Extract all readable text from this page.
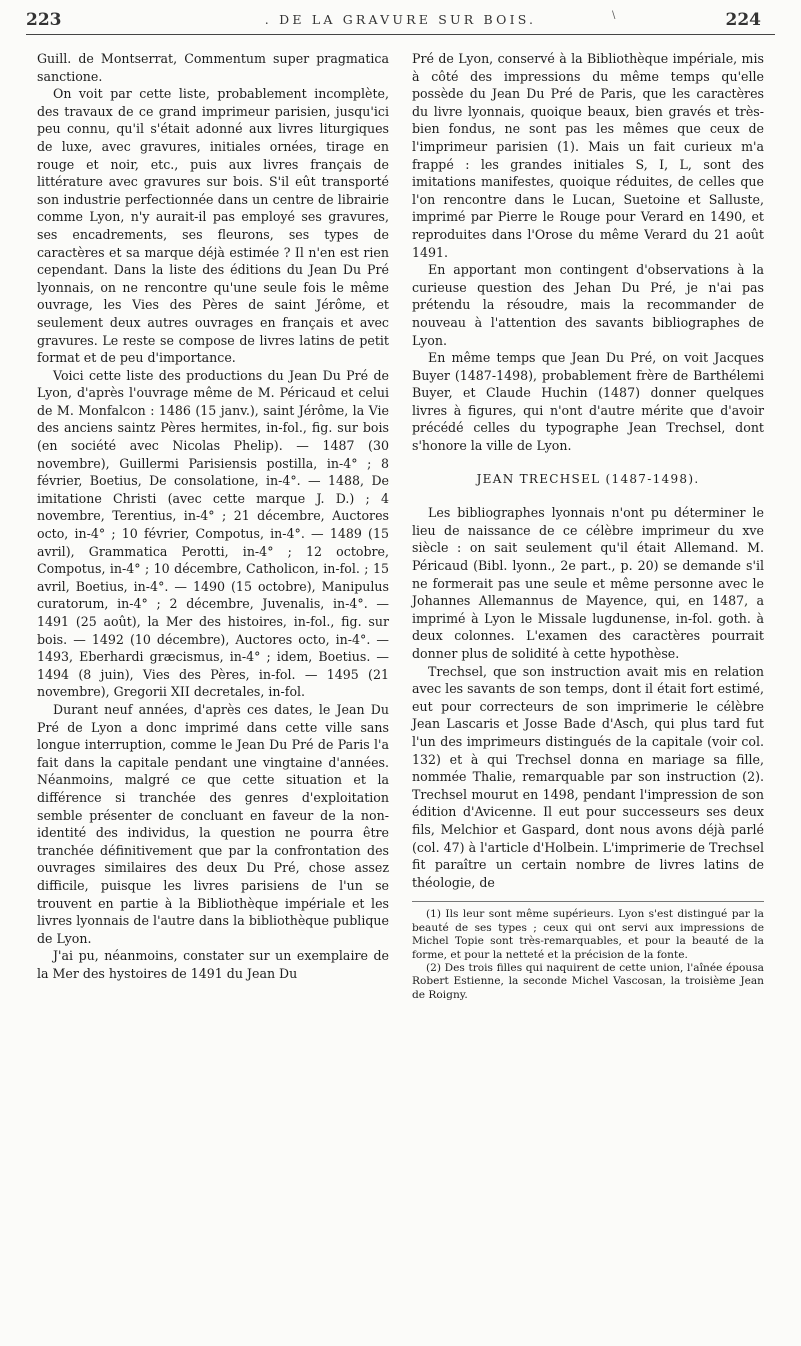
223	. DE LA GRAVURE SUR BOIS.	224
\

Guill. de Montserrat, Commentum super pragmatica sanctione.

On voit par cette liste, probablement incomplète, des travaux de ce grand imprimeur parisien, jusqu'ici peu connu, qu'il s'était adonné aux livres liturgiques de luxe, avec gravures, initiales ornées, tirage en rouge et noir, etc., puis aux livres français de littérature avec gravures sur bois. S'il eût transporté son industrie perfectionnée dans un centre de librairie comme Lyon, n'y aurait-il pas employé ses gravures, ses encadrements, ses fleurons, ses types de caractères et sa marque déjà estimée ? Il n'en est rien cependant. Dans la liste des éditions du Jean Du Pré lyonnais, on ne rencontre qu'une seule fois le même ouvrage, les Vies des Pères de saint Jérôme, et seulement deux autres ouvrages en français et avec gravures. Le reste se compose de livres latins de petit format et de peu d'importance.

Voici cette liste des productions du Jean Du Pré de Lyon, d'après l'ouvrage même de M. Péricaud et celui de M. Monfalcon : 1486 (15 janv.), saint Jérôme, la Vie des anciens saintz Pères hermites, in-fol., fig. sur bois (en société avec Nicolas Phelip). — 1487 (30 novembre), Guillermi Parisiensis postilla, in-4° ; 8 février, Boetius, De consolatione, in-4°. — 1488, De imitatione Christi (avec cette marque J. D.) ; 4 novembre, Terentius, in-4° ; 21 décembre, Auctores octo, in-4° ; 10 février, Compotus, in-4°. — 1489 (15 avril), Grammatica Perotti, in-4° ; 12 octobre, Compotus, in-4° ; 10 décembre, Catholicon, in-fol. ; 15 avril, Boetius, in-4°. — 1490 (15 octobre), Manipulus curatorum, in-4° ; 2 décembre, Juvenalis, in-4°. — 1491 (25 août), la Mer des histoires, in-fol., fig. sur bois. — 1492 (10 décembre), Auctores octo, in-4°. — 1493, Eberhardi græcismus, in-4° ; idem, Boetius. — 1494 (8 juin), Vies des Pères, in-fol. — 1495 (21 novembre), Gregorii XII decretales, in-fol.

Durant neuf années, d'après ces dates, le Jean Du Pré de Lyon a donc imprimé dans cette ville sans longue interruption, comme le Jean Du Pré de Paris l'a fait dans la capitale pendant une vingtaine d'années. Néanmoins, malgré ce que cette situation et la différence si tranchée des genres d'exploitation semble présenter de concluant en faveur de la non-identité des individus, la question ne pourra être tranchée définitivement que par la confrontation des ouvrages similaires des deux Du Pré, chose assez difficile, puisque les livres parisiens de l'un se trouvent en partie à la Bibliothèque impériale et les livres lyonnais de l'autre dans la bibliothèque publique de Lyon.

J'ai pu, néanmoins, constater sur un exemplaire de la Mer des hystoires de 1491 du Jean Du

Pré de Lyon, conservé à la Bibliothèque impériale, mis à côté des impressions du même temps qu'elle possède du Jean Du Pré de Paris, que les caractères du livre lyonnais, quoique beaux, bien gravés et très-bien fondus, ne sont pas les mêmes que ceux de l'imprimeur parisien (1). Mais un fait curieux m'a frappé : les grandes initiales S, I, L, sont des imitations manifestes, quoique réduites, de celles que l'on rencontre dans le Lucan, Suetoine et Salluste, imprimé par Pierre le Rouge pour Verard en 1490, et reproduites dans l'Orose du même Verard du 21 août 1491.

En apportant mon contingent d'observations à la curieuse question des Jehan Du Pré, je n'ai pas prétendu la résoudre, mais la recommander de nouveau à l'attention des savants bibliographes de Lyon.

En même temps que Jean Du Pré, on voit Jacques Buyer (1487-1498), probablement frère de Barthélemi Buyer, et Claude Huchin (1487) donner quelques livres à figures, qui n'ont d'autre mérite que d'avoir précédé celles du typographe Jean Trechsel, dont s'honore la ville de Lyon.

JEAN TRECHSEL (1487-1498).

Les bibliographes lyonnais n'ont pu déterminer le lieu de naissance de ce célèbre imprimeur du xve siècle : on sait seulement qu'il était Allemand. M. Péricaud (Bibl. lyonn., 2e part., p. 20) se demande s'il ne formerait pas une seule et même personne avec le Johannes Allemannus de Mayence, qui, en 1487, a imprimé à Lyon le Missale lugdunense, in-fol. goth. à deux colonnes. L'examen des caractères pourrait donner plus de solidité à cette hypothèse.

Trechsel, que son instruction avait mis en relation avec les savants de son temps, dont il était fort estimé, eut pour correcteurs de son imprimerie le célèbre Jean Lascaris et Josse Bade d'Asch, qui plus tard fut l'un des imprimeurs distingués de la capitale (voir col. 132) et à qui Trechsel donna en mariage sa fille, nommée Thalie, remarquable par son instruction (2). Trechsel mourut en 1498, pendant l'impression de son édition d'Avicenne. Il eut pour successeurs ses deux fils, Melchior et Gaspard, dont nous avons déjà parlé (col. 47) à l'article d'Holbein. L'imprimerie de Trechsel fit paraître un certain nombre de livres latins de théologie, de

(1) Ils leur sont même supérieurs. Lyon s'est distingué par la beauté de ses types ; ceux qui ont servi aux impressions de Michel Topie sont très-remarquables, et pour la beauté de la forme, et pour la netteté et la précision de la fonte.

(2) Des trois filles qui naquirent de cette union, l'aînée épousa Robert Estienne, la seconde Michel Vascosan, la troisième Jean de Roigny.
